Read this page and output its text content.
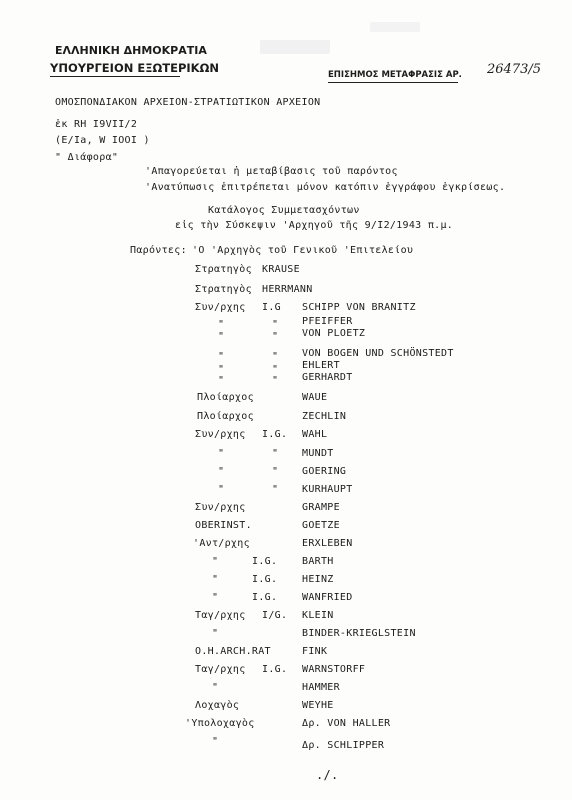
ΕΛΛΗΝΙΚΗ ΔΗΜΟΚΡΑΤΙΑ
ΥΠΟΥΡΓΕΙΟΝ ΕΞΩΤΕΡΙΚΩΝ	ΕΠΙΣΗΜΟΣ ΜΕΤΑΦΡΑΣΙΣ ΑΡ. 26473/5
ΟΜΟΣΠΟΝΔΙΑΚΟΝ ΑΡΧΕΙΟΝ-ΣΤΡΑΤΙΩΤΙΚΟΝ ΑΡΧΕΙΟΝ
ἐκ RH I9VII/2
(E/Ia, W IOOI )
" Διάφορα"
'Απαγορεύεται ἡ μεταβίβασις τοῦ παρόντος
'Ανατύπωσις ἐπιτρέπεται μόνον κατόπιν ἐγγράφου ἐγκρίσεως.
Κατάλογος Συμμετασχόντων
εἰς τὴν Σύσκεψιν 'Αρχηγοῦ τῆς 9/I2/1943 π.μ.
Παρόντες: 'Ο 'Αρχηγὸς τοῦ Γενικοῦ 'Επιτελείου
Στρατηγὸς KRAUSE
Στρατηγὸς HERRMANN
Συν/ρχης I.G SCHIPP VON BRANITZ
"	" PFEIFFER
"	" VON PLOETZ
"	" VON BOGEN UND SCHÖNSTEDT
"	" EHLERT
"	" GERHARDT
Πλοίαρχος	WAUE
Πλοίαρχος	ZECHLIN
Συν/ρχης I.G. WAHL
"	" MUNDT
"	" GOERING
"	" KURHAUPT
Συν/ρχης	GRAMPE
OBERINST.	GOETZE
'Αντ/ρχης	ERXLEBEN
"	I.G. BARTH
"	I.G. HEINZ
"	I.G. WANFRIED
Ταγ/ρχης I/G. KLEIN
"	BINDER-KRIEGLSTEIN
O.H.ARCH.RAT	FINK
Ταγ/ρχης I.G. WARNSTORFF
"	HAMMER
Λοχαγὸς	WEYHE
'Υπολοχαγὸς	Δρ. VON HALLER
"	Δρ. SCHLIPPER
./.
